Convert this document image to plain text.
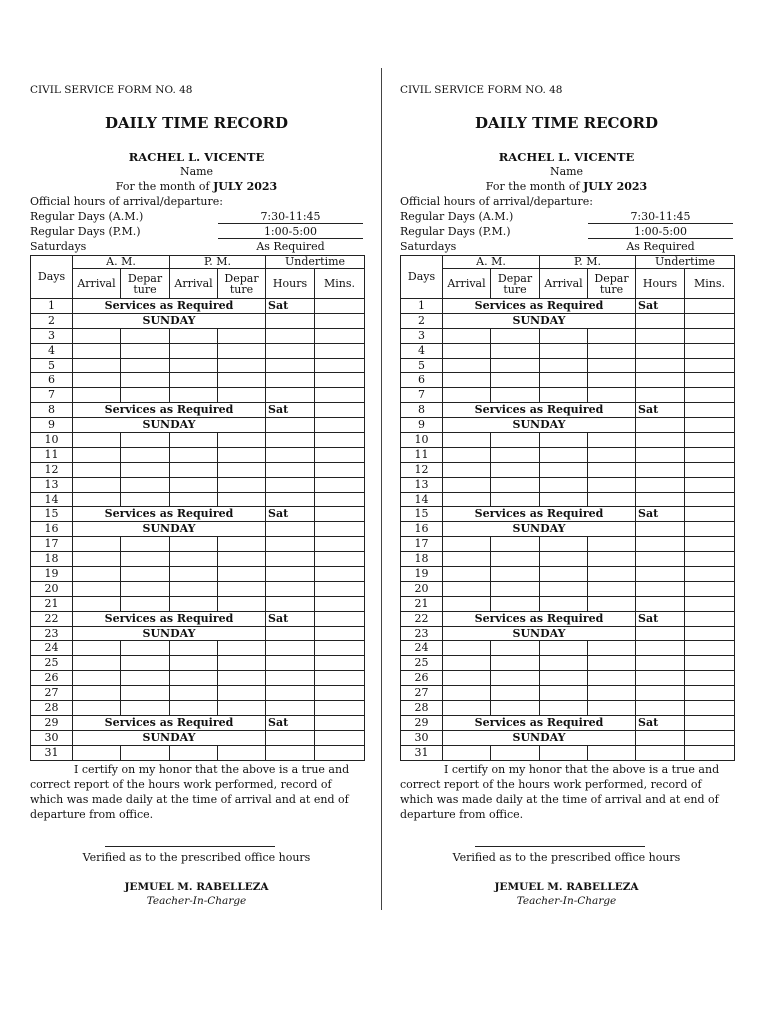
CIVIL SERVICE FORM NO. 48
DAILY TIME RECORD
RACHEL L. VICENTE
Name
For the month of JULY 2023
Official hours of arrival/departure:
Regular Days (A.M.)	7:30-11:45
Regular Days (P.M.)	1:00-5:00
Saturdays	As Required
Days	A. M.		P. M.		Undertime	
	Arrival	Depar ture	Arrival	Depar ture	Hours	Mins.
1	Services as Required				Sat	
2	SUNDAY					
3						
4						
5						
6						
7						
8	Services as Required				Sat	
9	SUNDAY					
10						
11						
12						
13						
14						
15	Services as Required				Sat	
16	SUNDAY					
17						
18						
19						
20						
21						
22	Services as Required				Sat	
23	SUNDAY					
24						
25						
26						
27						
28						
29	Services as Required				Sat	
30	SUNDAY					
31						
I certify on my honor that the above is a true and correct report of the hours work performed, record of which was made daily at the time of arrival and at end of departure from office.
Verified as to the prescribed office hours
JEMUEL M. RABELLEZA
Teacher-In-Charge
CIVIL SERVICE FORM NO. 48
DAILY TIME RECORD
RACHEL L. VICENTE
Name
For the month of JULY 2023
Official hours of arrival/departure:
Regular Days (A.M.)	7:30-11:45
Regular Days (P.M.)	1:00-5:00
Saturdays	As Required
Days	A. M.		P. M.		Undertime	
	Arrival	Depar ture	Arrival	Depar ture	Hours	Mins.
1	Services as Required				Sat	
2	SUNDAY					
3						
4						
5						
6						
7						
8	Services as Required				Sat	
9	SUNDAY					
10						
11						
12						
13						
14						
15	Services as Required				Sat	
16	SUNDAY					
17						
18						
19						
20						
21						
22	Services as Required				Sat	
23	SUNDAY					
24						
25						
26						
27						
28						
29	Services as Required				Sat	
30	SUNDAY					
31						
I certify on my honor that the above is a true and correct report of the hours work performed, record of which was made daily at the time of arrival and at end of departure from office.
Verified as to the prescribed office hours
JEMUEL M. RABELLEZA
Teacher-In-Charge
